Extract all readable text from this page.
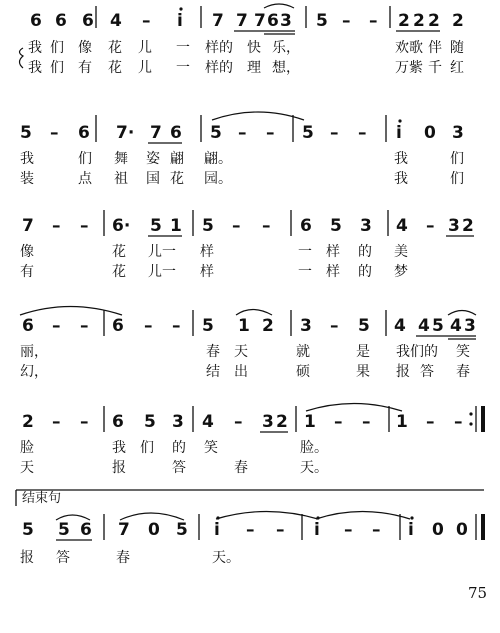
6 6 6 4 – i 7 7 7 6 3 5 – – 2 2 2 2
我 们 像 花 儿 一 样的 快 乐，	欢歌 伴 随
我 们 有 花 儿 一 样的 理 想，	万紫 千 红
5 – 6 7· 7 6 5 – – 5 – – i 0 3
我	们 舞 姿 翩 翩。	我	们
装	点 祖 国 花 园。	我	们
7 – – 6· 5 1 5 – – 6 5 3 4 – 3 2
像	花 儿一 样	一 样 的 美
有	花 儿一 样	一 样 的 梦
6 – – 6 – – 5 1 2 3 – 5 4 4 5 4 3
丽，	春 天	就	是 我们的 笑
幻，	结 出	硕	果 报 答 春
2 – – 6 5 3 4 – 3 2 1 – – 1 – –
脸	我 们 的 笑	脸。
天	报	答	春	天。
结束句
5 5 6 7 0 5 i – – i – – i 0 0
报 答	春	天。
75
